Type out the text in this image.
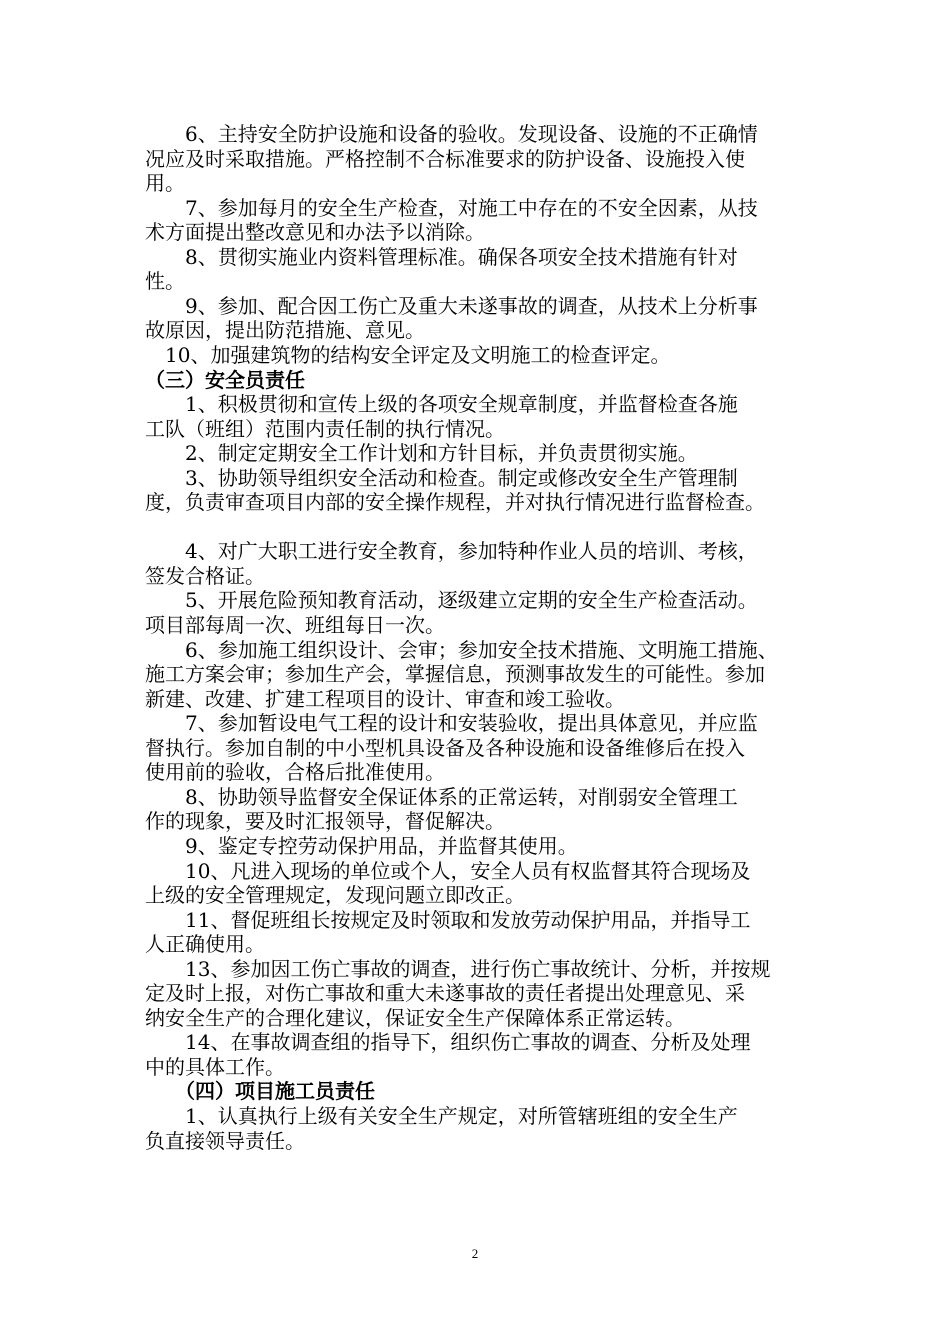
　　6、主持安全防护设施和设备的验收。发现设备、设施的不正确情
况应及时采取措施。严格控制不合标准要求的防护设备、设施投入使
用。
　　7、参加每月的安全生产检查，对施工中存在的不安全因素，从技
术方面提出整改意见和办法予以消除。
　　8、贯彻实施业内资料管理标准。确保各项安全技术措施有针对
性。
　　9、参加、配合因工伤亡及重大未遂事故的调查，从技术上分析事
故原因，提出防范措施、意见。
　10、加强建筑物的结构安全评定及文明施工的检查评定。
（三）安全员责任
　　1、积极贯彻和宣传上级的各项安全规章制度，并监督检查各施
工队（班组）范围内责任制的执行情况。
　　2、制定定期安全工作计划和方针目标，并负责贯彻实施。
　　3、协助领导组织安全活动和检查。制定或修改安全生产管理制
度，负责审查项目内部的安全操作规程，并对执行情况进行监督检查。
　　4、对广大职工进行安全教育，参加特种作业人员的培训、考核，
签发合格证。
　　5、开展危险预知教育活动，逐级建立定期的安全生产检查活动。
项目部每周一次、班组每日一次。
　　6、参加施工组织设计、会审；参加安全技术措施、文明施工措施、
施工方案会审；参加生产会，掌握信息，预测事故发生的可能性。参加
新建、改建、扩建工程项目的设计、审查和竣工验收。
　　7、参加暂设电气工程的设计和安装验收，提出具体意见，并应监
督执行。参加自制的中小型机具设备及各种设施和设备维修后在投入
使用前的验收，合格后批准使用。
　　8、协助领导监督安全保证体系的正常运转，对削弱安全管理工
作的现象，要及时汇报领导，督促解决。
　　9、鉴定专控劳动保护用品，并监督其使用。
　　10、凡进入现场的单位或个人，安全人员有权监督其符合现场及
上级的安全管理规定，发现问题立即改正。
　　11、督促班组长按规定及时领取和发放劳动保护用品，并指导工
人正确使用。
　　13、参加因工伤亡事故的调查，进行伤亡事故统计、分析，并按规
定及时上报，对伤亡事故和重大未遂事故的责任者提出处理意见、采
纳安全生产的合理化建议，保证安全生产保障体系正常运转。
　　14、在事故调查组的指导下，组织伤亡事故的调查、分析及处理
中的具体工作。
　　（四）项目施工员责任
　　1、认真执行上级有关安全生产规定，对所管辖班组的安全生产
负直接领导责任。
2
